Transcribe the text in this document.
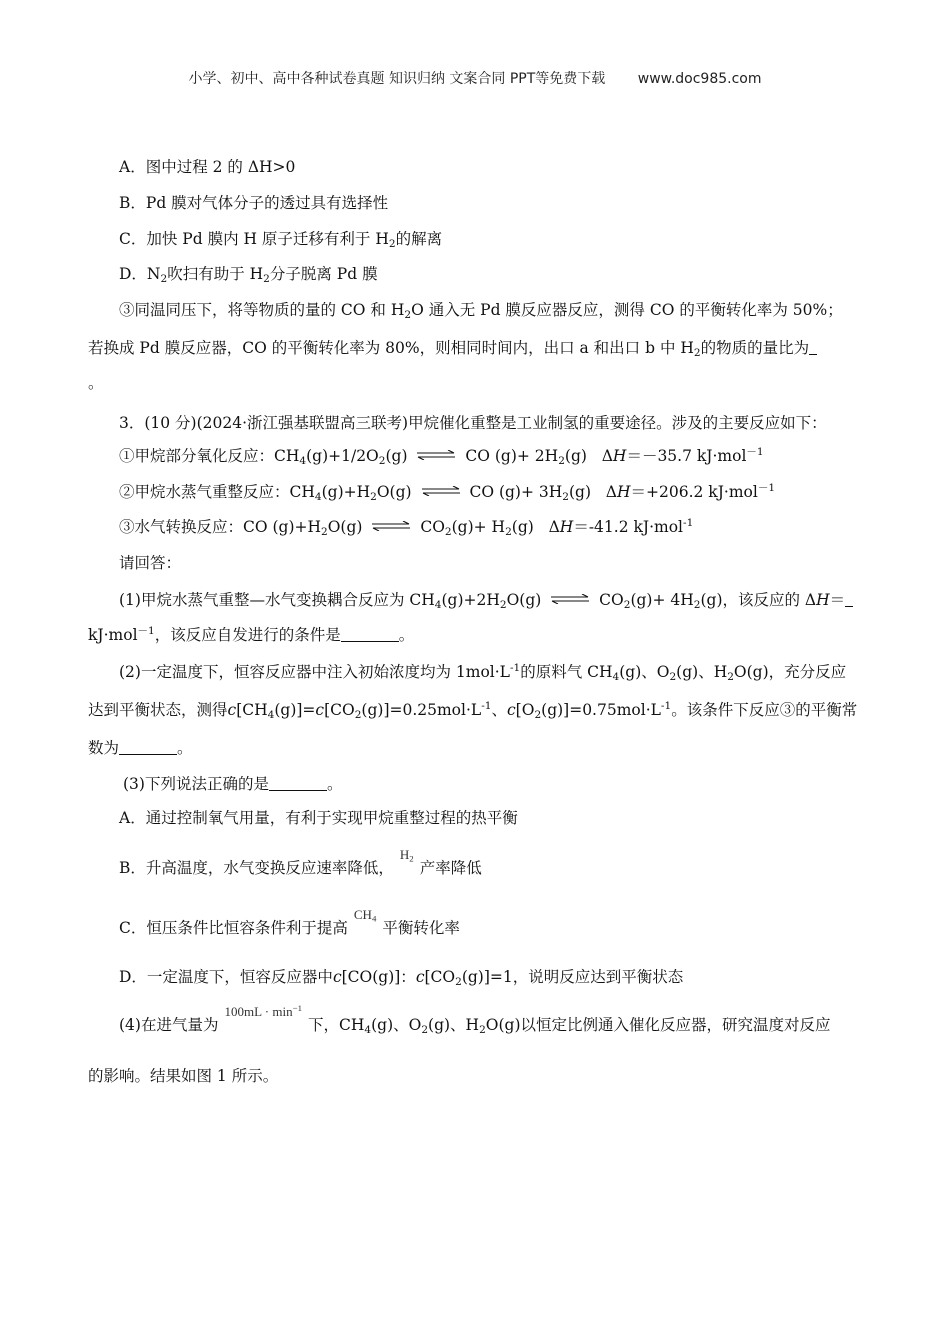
小学、初中、高中各种试卷真题 知识归纳 文案合同 PPT等免费下载 www.doc985.com
A．图中过程 2 的 ΔH>0
B．Pd 膜对气体分子的透过具有选择性
C．加快 Pd 膜内 H 原子迁移有利于 $H_2$的解离
D．$N_2$吹扫有助于 $H_2$分子脱离 Pd 膜
③同温同压下，将等物质的量的 CO 和 $H_2O$ 通入无 Pd 膜反应器反应，测得 CO 的平衡转化率为 50%；
若换成 Pd 膜反应器，CO 的平衡转化率为 80%，则相同时间内，出口 a 和出口 b 中 $H_2$的物质的量比为
。
3．(10 分)(2024·浙江强基联盟高三联考)甲烷催化重整是工业制氢的重要途径。涉及的主要反应如下：
①甲烷部分氧化反应：$CH_4(g)+1/2O_2(g)$ ⇌ CO $(g)+ 2H_2(g)$ ΔH＝－35.7 kJ·mol$^{-1}$
②甲烷水蒸气重整反应：$CH_4(g)+H_2O(g)$ ⇌ CO $(g)+ 3H_2(g)$ ΔH＝+206.2 kJ·mol$^{-1}$
③水气转换反应：CO $(g)+H_2O(g)$ ⇌ $CO_2(g)+ H_2(g)$ ΔH＝-41.2 kJ·mol$^{-1}$
请回答：
(1)甲烷水蒸气重整—水气变换耦合反应为 $CH_4(g)+2H_2O(g)$ ⇌ $CO_2(g)+ 4H_2(g)$，该反应的 ΔH＝
kJ·mol$^{-1}$，该反应自发进行的条件是	。
(2)一定温度下，恒容反应器中注入初始浓度均为 $1mol\cdot L^{-1}$的原料气 $CH_4(g)$、$O_2(g)$、$H_2O(g)$，充分反应
达到平衡状态，测得$c[CH_4(g)]=c[CO_2(g)]=0.25mol\cdot L^{-1}$、$c[O_2(g)]=0.75mol\cdot L^{-1}$。该条件下反应③的平衡常
数为	。
(3)下列说法正确的是	。
A．通过控制氧气用量，有利于实现甲烷重整过程的热平衡
B．升高温度，水气变换反应速率降低，$H_2$产率降低
C．恒压条件比恒容条件利于提高$CH_4$平衡转化率
D．一定温度下，恒容反应器中c[CO(g)]：$c[CO_2(g)]=1$，说明反应达到平衡状态
(4)在进气量为$100mL \cdot \min^{-1}$下，$CH_4(g)$、$O_2(g)$、$H_2O(g)$以恒定比例通入催化反应器，研究温度对反应
的影响。结果如图 1 所示。
